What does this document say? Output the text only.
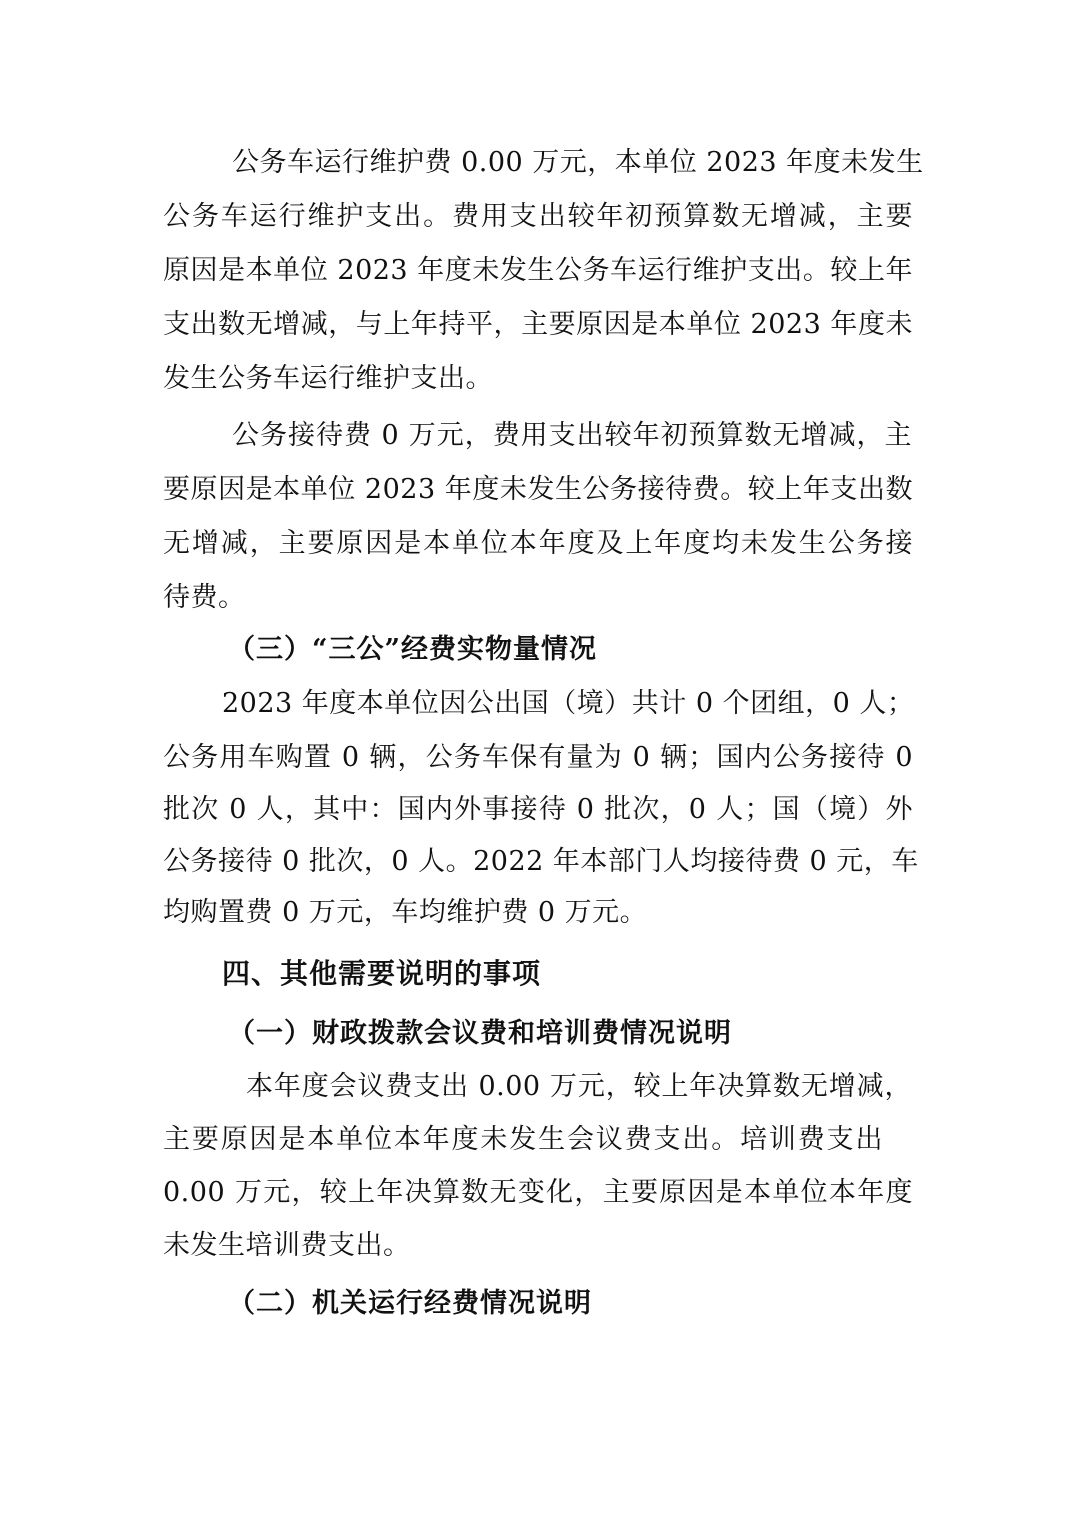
公务车运行维护费 0.00 万元，本单位 2023 年度未发生
公务车运行维护支出。费用支出较年初预算数无增减，主要
原因是本单位 2023 年度未发生公务车运行维护支出。较上年
支出数无增减，与上年持平，主要原因是本单位 2023 年度未
发生公务车运行维护支出。
公务接待费 0 万元，费用支出较年初预算数无增减，主
要原因是本单位 2023 年度未发生公务接待费。较上年支出数
无增减，主要原因是本单位本年度及上年度均未发生公务接
待费。
（三）“三公”经费实物量情况
2023 年度本单位因公出国（境）共计 0 个团组，0 人；
公务用车购置 0 辆，公务车保有量为 0 辆；国内公务接待 0
批次 0 人，其中：国内外事接待 0 批次，0 人；国（境）外
公务接待 0 批次，0 人。2022 年本部门人均接待费 0 元，车
均购置费 0 万元，车均维护费 0 万元。
四、其他需要说明的事项
（一）财政拨款会议费和培训费情况说明
本年度会议费支出 0.00 万元，较上年决算数无增减，
主要原因是本单位本年度未发生会议费支出。培训费支出
0.00 万元，较上年决算数无变化，主要原因是本单位本年度
未发生培训费支出。
（二）机关运行经费情况说明
